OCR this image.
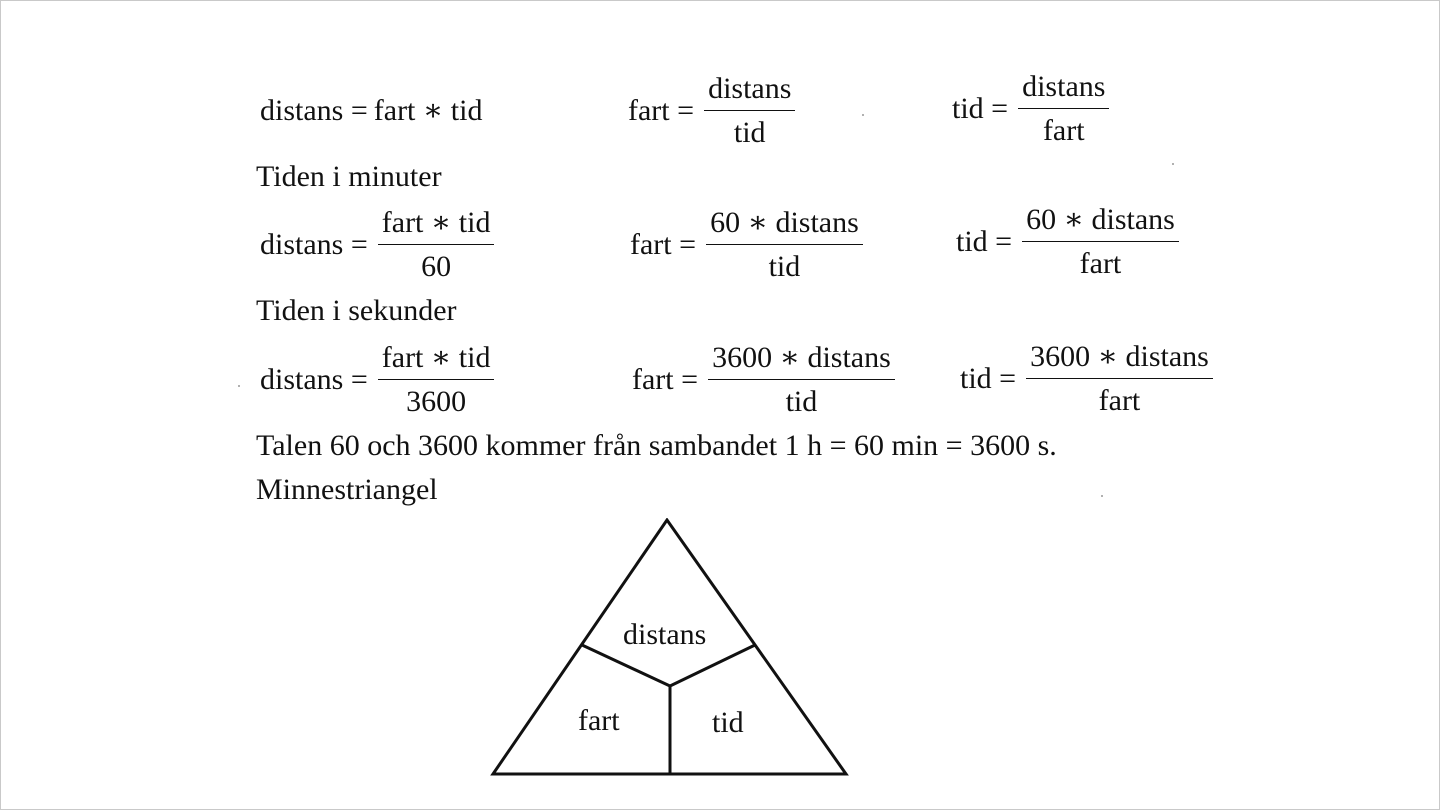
distans = fart ∗ tid	fart = $\frac{\text{distans}}{\text{tid}}$	tid = $\frac{\text{distans}}{\text{fart}}$
Tiden i minuter
$distans = \frac{\text{fart ∗ tid}}{60}$	fart = $\frac{\text{60 ∗ distans}}{\text{tid}}$	tid = $\frac{\text{60 ∗ distans}}{\text{fart}}$
Tiden i sekunder
$distans = \frac{\text{fart ∗ tid}}{3600}$	fart = $\frac{\text{3600 ∗ distans}}{\text{tid}}$ tid = $\frac{\text{3600 ∗ distans}}{\text{fart}}$
Talen 60 och 3600 kommer från sambandet 1 h = 60 min = 3600 s.
Minnestriangel
distans
fart	tid
